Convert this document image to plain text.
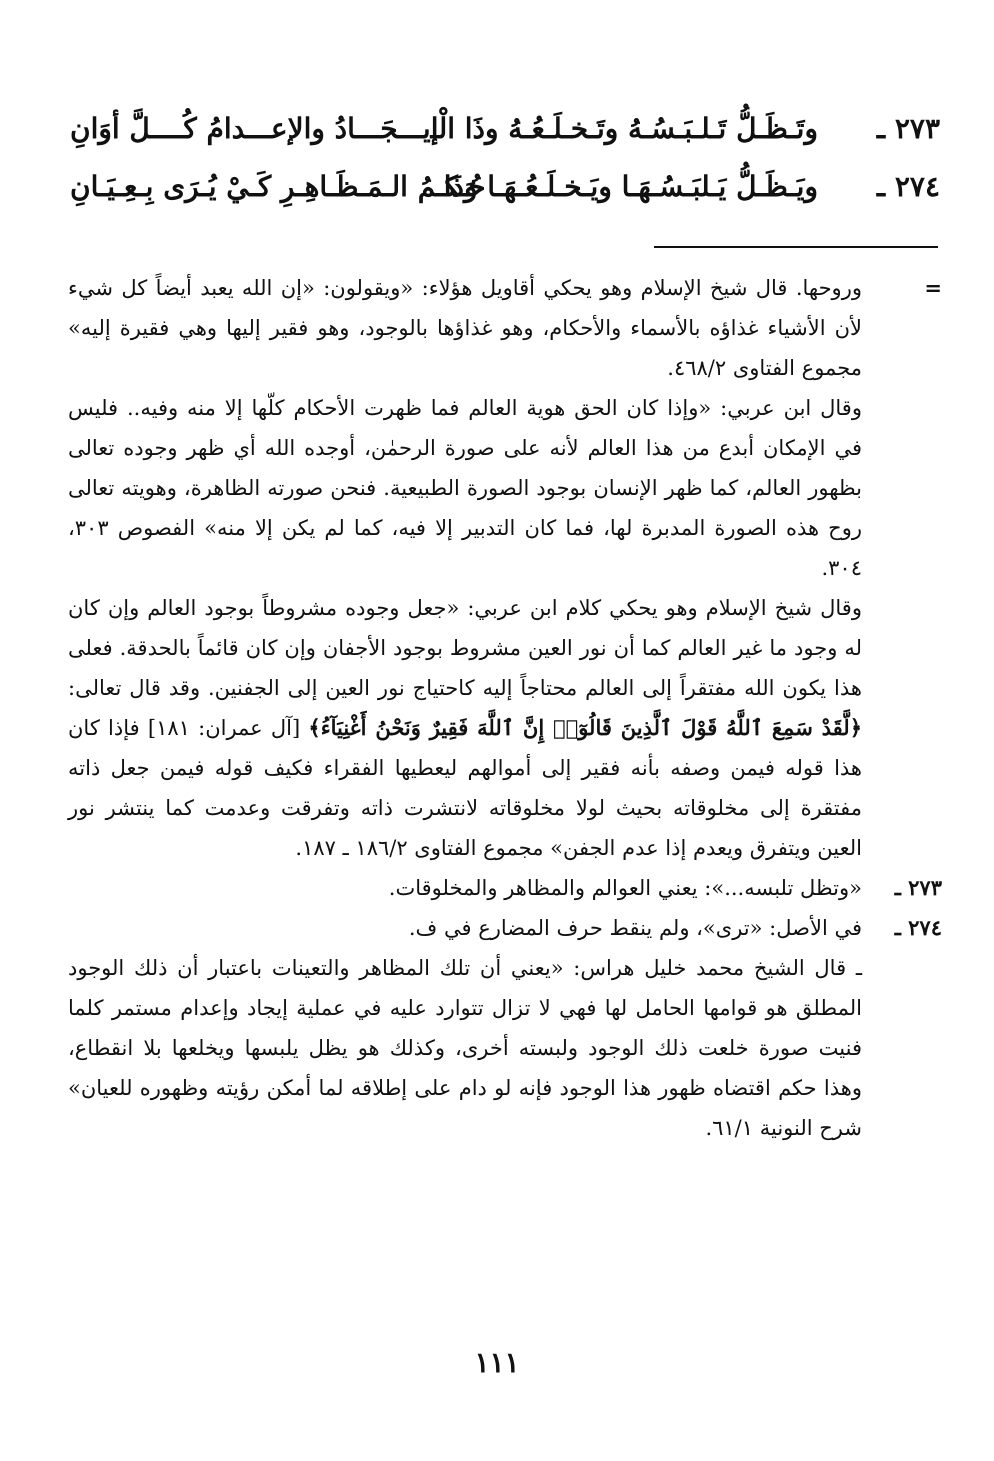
٢٧٣ ـ
وتَـظَـلُّ تَـلـبَـسُـهُ وتَـخـلَـعُـهُ وذَا الْـ
إيـــجَـــادُ والإعـــدامُ كُــــلَّ أوَانِ
٢٧٤ ـ
ويَـظَـلُّ يَـلبَـسُـهَـا ويَـخـلَـعُـهَـا وَذَا
حُـكـمُ الـمَـظَـاهِـرِ كَـيْ يُـرَى بِـعِـيَـانِ

=
وروحها. قال شيخ الإسلام وهو يحكي أقاويل هؤلاء: «ويقولون: «إن الله يعبد أيضاً كل شيء لأن الأشياء غذاؤه بالأسماء والأحكام، وهو غذاؤها بالوجود، وهو فقير إليها وهي فقيرة إليه» مجموع الفتاوى ٤٦٨/٢.

وقال ابن عربي: «وإذا كان الحق هوية العالم فما ظهرت الأحكام كلّها إلا منه وفيه.. فليس في الإمكان أبدع من هذا العالم لأنه على صورة الرحمٰن، أوجده الله أي ظهر وجوده تعالى بظهور العالم، كما ظهر الإنسان بوجود الصورة الطبيعية. فنحن صورته الظاهرة، وهويته تعالى روح هذه الصورة المدبرة لها، فما كان التدبير إلا فيه، كما لم يكن إلا منه» الفصوص ٣٠٣، ٣٠٤.

وقال شيخ الإسلام وهو يحكي كلام ابن عربي: «جعل وجوده مشروطاً بوجود العالم وإن كان له وجود ما غير العالم كما أن نور العين مشروط بوجود الأجفان وإن كان قائماً بالحدقة. فعلى هذا يكون الله مفتقراً إلى العالم محتاجاً إليه كاحتياج نور العين إلى الجفنين. وقد قال تعالى: ﴿لَّقَدْ سَمِعَ ٱللَّهُ قَوْلَ ٱلَّذِينَ قَالُوٓا۟ إِنَّ ٱللَّهَ فَقِيرٌ وَنَحْنُ أَغْنِيَآءُ﴾ [آل عمران: ١٨١] فإذا كان هذا قوله فيمن وصفه بأنه فقير إلى أموالهم ليعطيها الفقراء فكيف قوله فيمن جعل ذاته مفتقرة إلى مخلوقاته بحيث لولا مخلوقاته لانتشرت ذاته وتفرقت وعدمت كما ينتشر نور العين ويتفرق ويعدم إذا عدم الجفن» مجموع الفتاوى ١٨٦/٢ ـ ١٨٧.

٢٧٣ ـ
«وتظل تلبسه...»: يعني العوالم والمظاهر والمخلوقات.

٢٧٤ ـ
في الأصل: «ترى»، ولم ينقط حرف المضارع في ف.

ـ قال الشيخ محمد خليل هراس: «يعني أن تلك المظاهر والتعينات باعتبار أن ذلك الوجود المطلق هو قوامها الحامل لها فهي لا تزال تتوارد عليه في عملية إيجاد وإعدام مستمر كلما فنيت صورة خلعت ذلك الوجود ولبسته أخرى، وكذلك هو يظل يلبسها ويخلعها بلا انقطاع، وهذا حكم اقتضاه ظهور هذا الوجود فإنه لو دام على إطلاقه لما أمكن رؤيته وظهوره للعيان» شرح النونية ٦١/١.

١١١
